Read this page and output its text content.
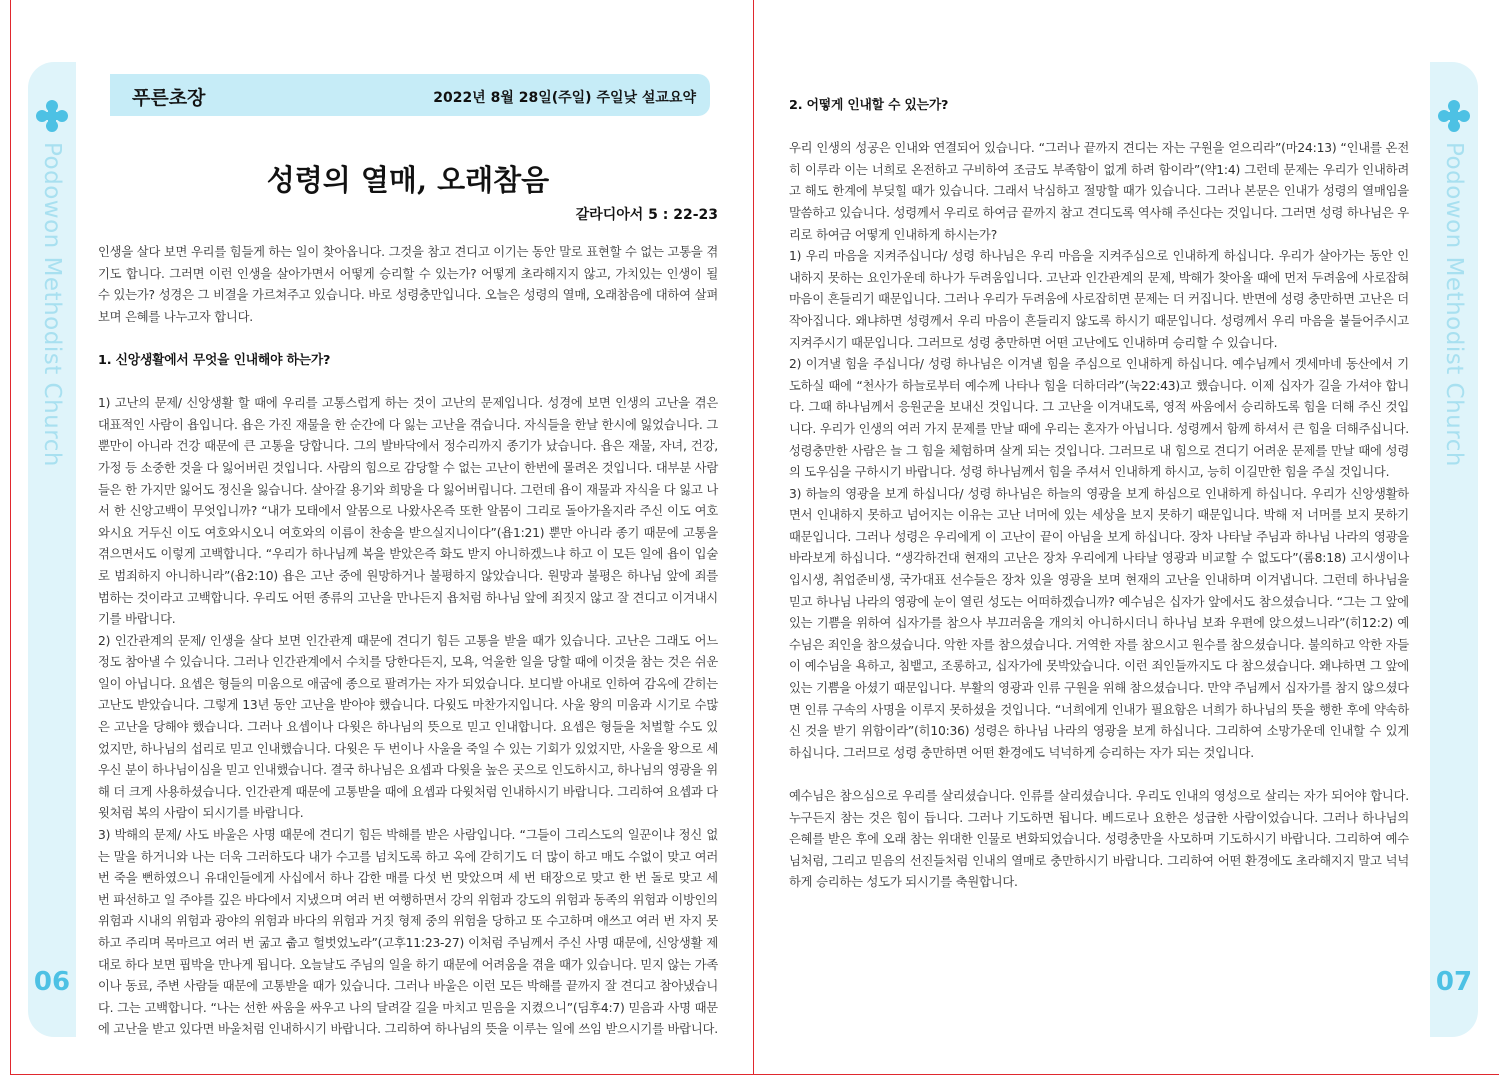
Podowon Methodist Church
06
Podowon Methodist Church
07
푸른초장	2022년 8월 28일(주일) 주일낮 설교요약
성령의 열매, 오래참음
갈라디아서 5 : 22-23

인생을 살다 보면 우리를 힘들게 하는 일이 찾아옵니다. 그것을 참고 견디고 이기는 동안 말로 표현할 수 없는 고통을 겪기도 합니다. 그러면 이런 인생을 살아가면서 어떻게 승리할 수 있는가? 어떻게 초라해지지 않고, 가치있는 인생이 될 수 있는가? 성경은 그 비결을 가르쳐주고 있습니다. 바로 성령충만입니다. 오늘은 성령의 열매, 오래참음에 대하여 살펴보며 은혜를 나누고자 합니다.

1. 신앙생활에서 무엇을 인내해야 하는가?

1) 고난의 문제/ 신앙생활 할 때에 우리를 고통스럽게 하는 것이 고난의 문제입니다. 성경에 보면 인생의 고난을 겪은 대표적인 사람이 욥입니다. 욥은 가진 재물을 한 순간에 다 잃는 고난을 겪습니다. 자식들을 한날 한시에 잃었습니다. 그뿐만이 아니라 건강 때문에 큰 고통을 당합니다. 그의 발바닥에서 정수리까지 종기가 났습니다. 욥은 재물, 자녀, 건강, 가정 등 소중한 것을 다 잃어버린 것입니다. 사람의 힘으로 감당할 수 없는 고난이 한번에 몰려온 것입니다. 대부분 사람들은 한 가지만 잃어도 정신을 잃습니다. 살아갈 용기와 희망을 다 잃어버립니다. 그런데 욥이 재물과 자식을 다 잃고 나서 한 신앙고백이 무엇입니까? “내가 모태에서 알몸으로 나왔사온즉 또한 알몸이 그리로 돌아가올지라 주신 이도 여호와시요 거두신 이도 여호와시오니 여호와의 이름이 찬송을 받으실지니이다”(욥1:21) 뿐만 아니라 종기 때문에 고통을 겪으면서도 이렇게 고백합니다. “우리가 하나님께 복을 받았은즉 화도 받지 아니하겠느냐 하고 이 모든 일에 욥이 입술로 범죄하지 아니하니라”(욥2:10) 욥은 고난 중에 원망하거나 불평하지 않았습니다. 원망과 불평은 하나님 앞에 죄를 범하는 것이라고 고백합니다. 우리도 어떤 종류의 고난을 만나든지 욥처럼 하나님 앞에 죄짓지 않고 잘 견디고 이겨내시기를 바랍니다.

2) 인간관계의 문제/ 인생을 살다 보면 인간관계 때문에 견디기 힘든 고통을 받을 때가 있습니다. 고난은 그래도 어느 정도 참아낼 수 있습니다. 그러나 인간관계에서 수치를 당한다든지, 모욕, 억울한 일을 당할 때에 이것을 참는 것은 쉬운 일이 아닙니다. 요셉은 형들의 미움으로 애굽에 종으로 팔려가는 자가 되었습니다. 보디발 아내로 인하여 감옥에 갇히는 고난도 받았습니다. 그렇게 13년 동안 고난을 받아야 했습니다. 다윗도 마찬가지입니다. 사울 왕의 미움과 시기로 수많은 고난을 당해야 했습니다. 그러나 요셉이나 다윗은 하나님의 뜻으로 믿고 인내합니다. 요셉은 형들을 처벌할 수도 있었지만, 하나님의 섭리로 믿고 인내했습니다. 다윗은 두 번이나 사울을 죽일 수 있는 기회가 있었지만, 사울을 왕으로 세우신 분이 하나님이심을 믿고 인내했습니다. 결국 하나님은 요셉과 다윗을 높은 곳으로 인도하시고, 하나님의 영광을 위해 더 크게 사용하셨습니다. 인간관계 때문에 고통받을 때에 요셉과 다윗처럼 인내하시기 바랍니다. 그리하여 요셉과 다윗처럼 복의 사람이 되시기를 바랍니다.

3) 박해의 문제/ 사도 바울은 사명 때문에 견디기 힘든 박해를 받은 사람입니다. “그들이 그리스도의 일꾼이냐 정신 없는 말을 하거니와 나는 더욱 그러하도다 내가 수고를 넘치도록 하고 옥에 갇히기도 더 많이 하고 매도 수없이 맞고 여러 번 죽을 뻔하였으니 유대인들에게 사십에서 하나 감한 매를 다섯 번 맞았으며 세 번 태장으로 맞고 한 번 돌로 맞고 세 번 파선하고 일 주야를 깊은 바다에서 지냈으며 여러 번 여행하면서 강의 위험과 강도의 위험과 동족의 위험과 이방인의 위험과 시내의 위험과 광야의 위험과 바다의 위험과 거짓 형제 중의 위험을 당하고 또 수고하며 애쓰고 여러 번 자지 못하고 주리며 목마르고 여러 번 굶고 춥고 헐벗었노라”(고후11:23-27) 이처럼 주님께서 주신 사명 때문에, 신앙생활 제대로 하다 보면 핍박을 만나게 됩니다. 오늘날도 주님의 일을 하기 때문에 어려움을 겪을 때가 있습니다. 믿지 않는 가족이나 동료, 주변 사람들 때문에 고통받을 때가 있습니다. 그러나 바울은 이런 모든 박해를 끝까지 잘 견디고 참아냈습니다. 그는 고백합니다. “나는 선한 싸움을 싸우고 나의 달려갈 길을 마치고 믿음을 지켰으니”(딤후4:7) 믿음과 사명 때문에 고난을 받고 있다면 바울처럼 인내하시기 바랍니다. 그리하여 하나님의 뜻을 이루는 일에 쓰임 받으시기를 바랍니다.

2. 어떻게 인내할 수 있는가?

우리 인생의 성공은 인내와 연결되어 있습니다. “그러나 끝까지 견디는 자는 구원을 얻으리라”(마24:13) “인내를 온전히 이루라 이는 너희로 온전하고 구비하여 조금도 부족함이 없게 하려 함이라”(약1:4) 그런데 문제는 우리가 인내하려고 해도 한계에 부딪힐 때가 있습니다. 그래서 낙심하고 절망할 때가 있습니다. 그러나 본문은 인내가 성령의 열매임을 말씀하고 있습니다. 성령께서 우리로 하여금 끝까지 참고 견디도록 역사해 주신다는 것입니다. 그러면 성령 하나님은 우리로 하여금 어떻게 인내하게 하시는가?

1) 우리 마음을 지켜주십니다/ 성령 하나님은 우리 마음을 지켜주심으로 인내하게 하십니다. 우리가 살아가는 동안 인내하지 못하는 요인가운데 하나가 두려움입니다. 고난과 인간관계의 문제, 박해가 찾아올 때에 먼저 두려움에 사로잡혀 마음이 흔들리기 때문입니다. 그러나 우리가 두려움에 사로잡히면 문제는 더 커집니다. 반면에 성령 충만하면 고난은 더 작아집니다. 왜냐하면 성령께서 우리 마음이 흔들리지 않도록 하시기 때문입니다. 성령께서 우리 마음을 붙들어주시고 지켜주시기 때문입니다. 그러므로 성령 충만하면 어떤 고난에도 인내하며 승리할 수 있습니다.

2) 이겨낼 힘을 주십니다/ 성령 하나님은 이겨낼 힘을 주심으로 인내하게 하십니다. 예수님께서 겟세마네 동산에서 기도하실 때에 “천사가 하늘로부터 예수께 나타나 힘을 더하더라”(눅22:43)고 했습니다. 이제 십자가 길을 가셔야 합니다. 그때 하나님께서 응원군을 보내신 것입니다. 그 고난을 이겨내도록, 영적 싸움에서 승리하도록 힘을 더해 주신 것입니다. 우리가 인생의 여러 가지 문제를 만날 때에 우리는 혼자가 아닙니다. 성령께서 함께 하셔서 큰 힘을 더해주십니다. 성령충만한 사람은 늘 그 힘을 체험하며 살게 되는 것입니다. 그러므로 내 힘으로 견디기 어려운 문제를 만날 때에 성령의 도우심을 구하시기 바랍니다. 성령 하나님께서 힘을 주셔서 인내하게 하시고, 능히 이길만한 힘을 주실 것입니다.

3) 하늘의 영광을 보게 하십니다/ 성령 하나님은 하늘의 영광을 보게 하심으로 인내하게 하십니다. 우리가 신앙생활하면서 인내하지 못하고 넘어지는 이유는 고난 너머에 있는 세상을 보지 못하기 때문입니다. 박해 저 너머를 보지 못하기 때문입니다. 그러나 성령은 우리에게 이 고난이 끝이 아님을 보게 하십니다. 장차 나타날 주님과 하나님 나라의 영광을 바라보게 하십니다. “생각하건대 현재의 고난은 장차 우리에게 나타날 영광과 비교할 수 없도다”(롬8:18) 고시생이나 입시생, 취업준비생, 국가대표 선수들은 장차 있을 영광을 보며 현재의 고난을 인내하며 이겨냅니다. 그런데 하나님을 믿고 하나님 나라의 영광에 눈이 열린 성도는 어떠하겠습니까? 예수님은 십자가 앞에서도 참으셨습니다. “그는 그 앞에 있는 기쁨을 위하여 십자가를 참으사 부끄러움을 개의치 아니하시더니 하나님 보좌 우편에 앉으셨느니라”(히12:2) 예수님은 죄인을 참으셨습니다. 악한 자를 참으셨습니다. 거역한 자를 참으시고 원수를 참으셨습니다. 불의하고 악한 자들이 예수님을 욕하고, 침뱉고, 조롱하고, 십자가에 못박았습니다. 이런 죄인들까지도 다 참으셨습니다. 왜냐하면 그 앞에 있는 기쁨을 아셨기 때문입니다. 부활의 영광과 인류 구원을 위해 참으셨습니다. 만약 주님께서 십자가를 참지 않으셨다면 인류 구속의 사명을 이루지 못하셨을 것입니다. “너희에게 인내가 필요함은 너희가 하나님의 뜻을 행한 후에 약속하신 것을 받기 위함이라”(히10:36) 성령은 하나님 나라의 영광을 보게 하십니다. 그리하여 소망가운데 인내할 수 있게 하십니다. 그러므로 성령 충만하면 어떤 환경에도 넉넉하게 승리하는 자가 되는 것입니다.

예수님은 참으심으로 우리를 살리셨습니다. 인류를 살리셨습니다. 우리도 인내의 영성으로 살리는 자가 되어야 합니다. 누구든지 참는 것은 힘이 듭니다. 그러나 기도하면 됩니다. 베드로나 요한은 성급한 사람이었습니다. 그러나 하나님의 은혜를 받은 후에 오래 참는 위대한 인물로 변화되었습니다. 성령충만을 사모하며 기도하시기 바랍니다. 그리하여 예수님처럼, 그리고 믿음의 선진들처럼 인내의 열매로 충만하시기 바랍니다. 그리하여 어떤 환경에도 초라해지지 말고 넉넉하게 승리하는 성도가 되시기를 축원합니다.
